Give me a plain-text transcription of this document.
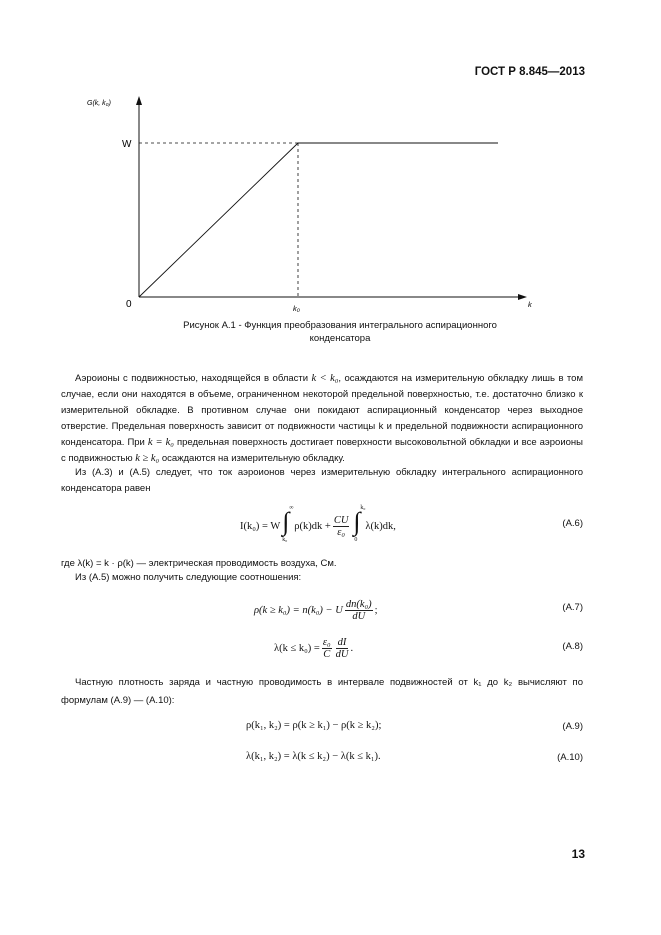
ГОСТ Р 8.845—2013
G(k, k₀)
W
0	k₀	k
Рисунок А.1 - Функция преобразования интегрального аспирационного
конденсатора
Аэроионы с подвижностью, находящейся в области k < k₀, осаждаются на измерительную обкладку лишь в том случае, если они находятся в объеме, ограниченном некоторой предельной поверхностью, т.е. достаточно близко к измерительной обкладке. В противном случае они покидают аспирационный конденсатор через выходное отверстие. Предельная поверхность зависит от подвижности частицы k и предельной подвижности аспирационного конденсатора. При k = k₀ предельная поверхность достигает поверхности высоковольтной обкладки и все аэроионы с подвижностью k ≥ k₀ осаждаются на измерительную обкладку.
Из (А.3) и (А.5) следует, что ток аэроионов через измерительную обкладку интегрального аспирационного конденсатора равен
I(k₀) = W ∫ ∞
k₀
$\rho(k)dk + \frac{CU}{\text{ε₀}}$ ∫ k₀
0
λ(k)dk,	(А.6)
где λ(k) = k · ρ(k) — электрическая проводимость воздуха, См.
Из (А.5) можно получить следующие соотношения:
ρ(k ≥ k₀) = n(k₀) − U $\frac{\text{dn(k₀)}}{dU}$ ;	(А.7)
$\lambda(k \le k_0) = \frac{\text{ε₀}}{C} \frac{dI}{dU}$ .	(А.8)
Частную плотность заряда и частную проводимость в интервале подвижностей от k₁ до k₂ вычисляют по формулам (А.9) — (А.10):
ρ(k₁, k₂) = ρ(k ≥ k₁) − ρ(k ≥ k₂);	(А.9)
λ(k₁, k₂) = λ(k ≤ k₂) − λ(k ≤ k₁).	(А.10)
13
